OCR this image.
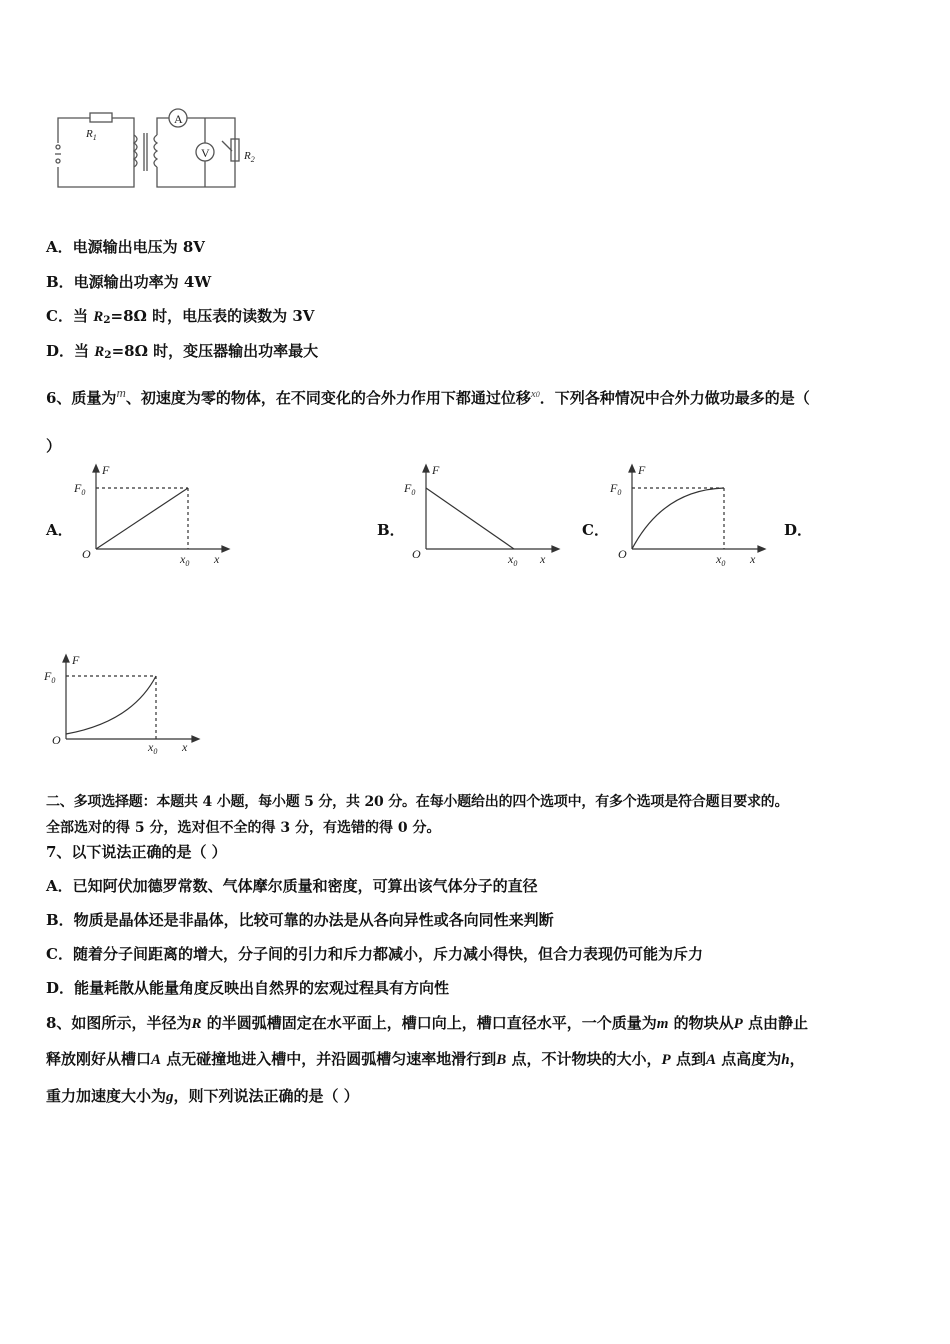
A
V
$R_1$
$R_2$
A．电源输出电压为 8V
B．电源输出功率为 4W
C．当 R2=8Ω 时，电压表的读数为 3V
D．当 R2=8Ω 时，变压器输出功率最大
6、质量为$^m$、初速度为零的物体，在不同变化的合外力作用下都通过位移$^{x0}$．下列各种情况中合外力做功最多的是（
）
A．	B．	C．	D．
F
$F_0$
O	$x_0$ x
F
$F_0$
O	$x_0$ x
F
$F_0$
O	$x_0$ x
F
$F_0$
O	$x_0$ x
二、多项选择题：本题共 4 小题，每小题 5 分，共 20 分。在每小题给出的四个选项中，有多个选项是符合题目要求的。
全部选对的得 5 分，选对但不全的得 3 分，有选错的得 0 分。
7、以下说法正确的是（ ）
A．已知阿伏加德罗常数、气体摩尔质量和密度，可算出该气体分子的直径
B．物质是晶体还是非晶体，比较可靠的办法是从各向异性或各向同性来判断
C．随着分子间距离的增大，分子间的引力和斥力都减小，斥力减小得快，但合力表现仍可能为斥力
D．能量耗散从能量角度反映出自然界的宏观过程具有方向性
8、如图所示，半径为R 的半圆弧槽固定在水平面上，槽口向上，槽口直径水平，一个质量为m 的物块从P 点由静止
释放刚好从槽口A 点无碰撞地进入槽中，并沿圆弧槽匀速率地滑行到B 点，不计物块的大小，P 点到A 点高度为h，
重力加速度大小为g，则下列说法正确的是（ ）
